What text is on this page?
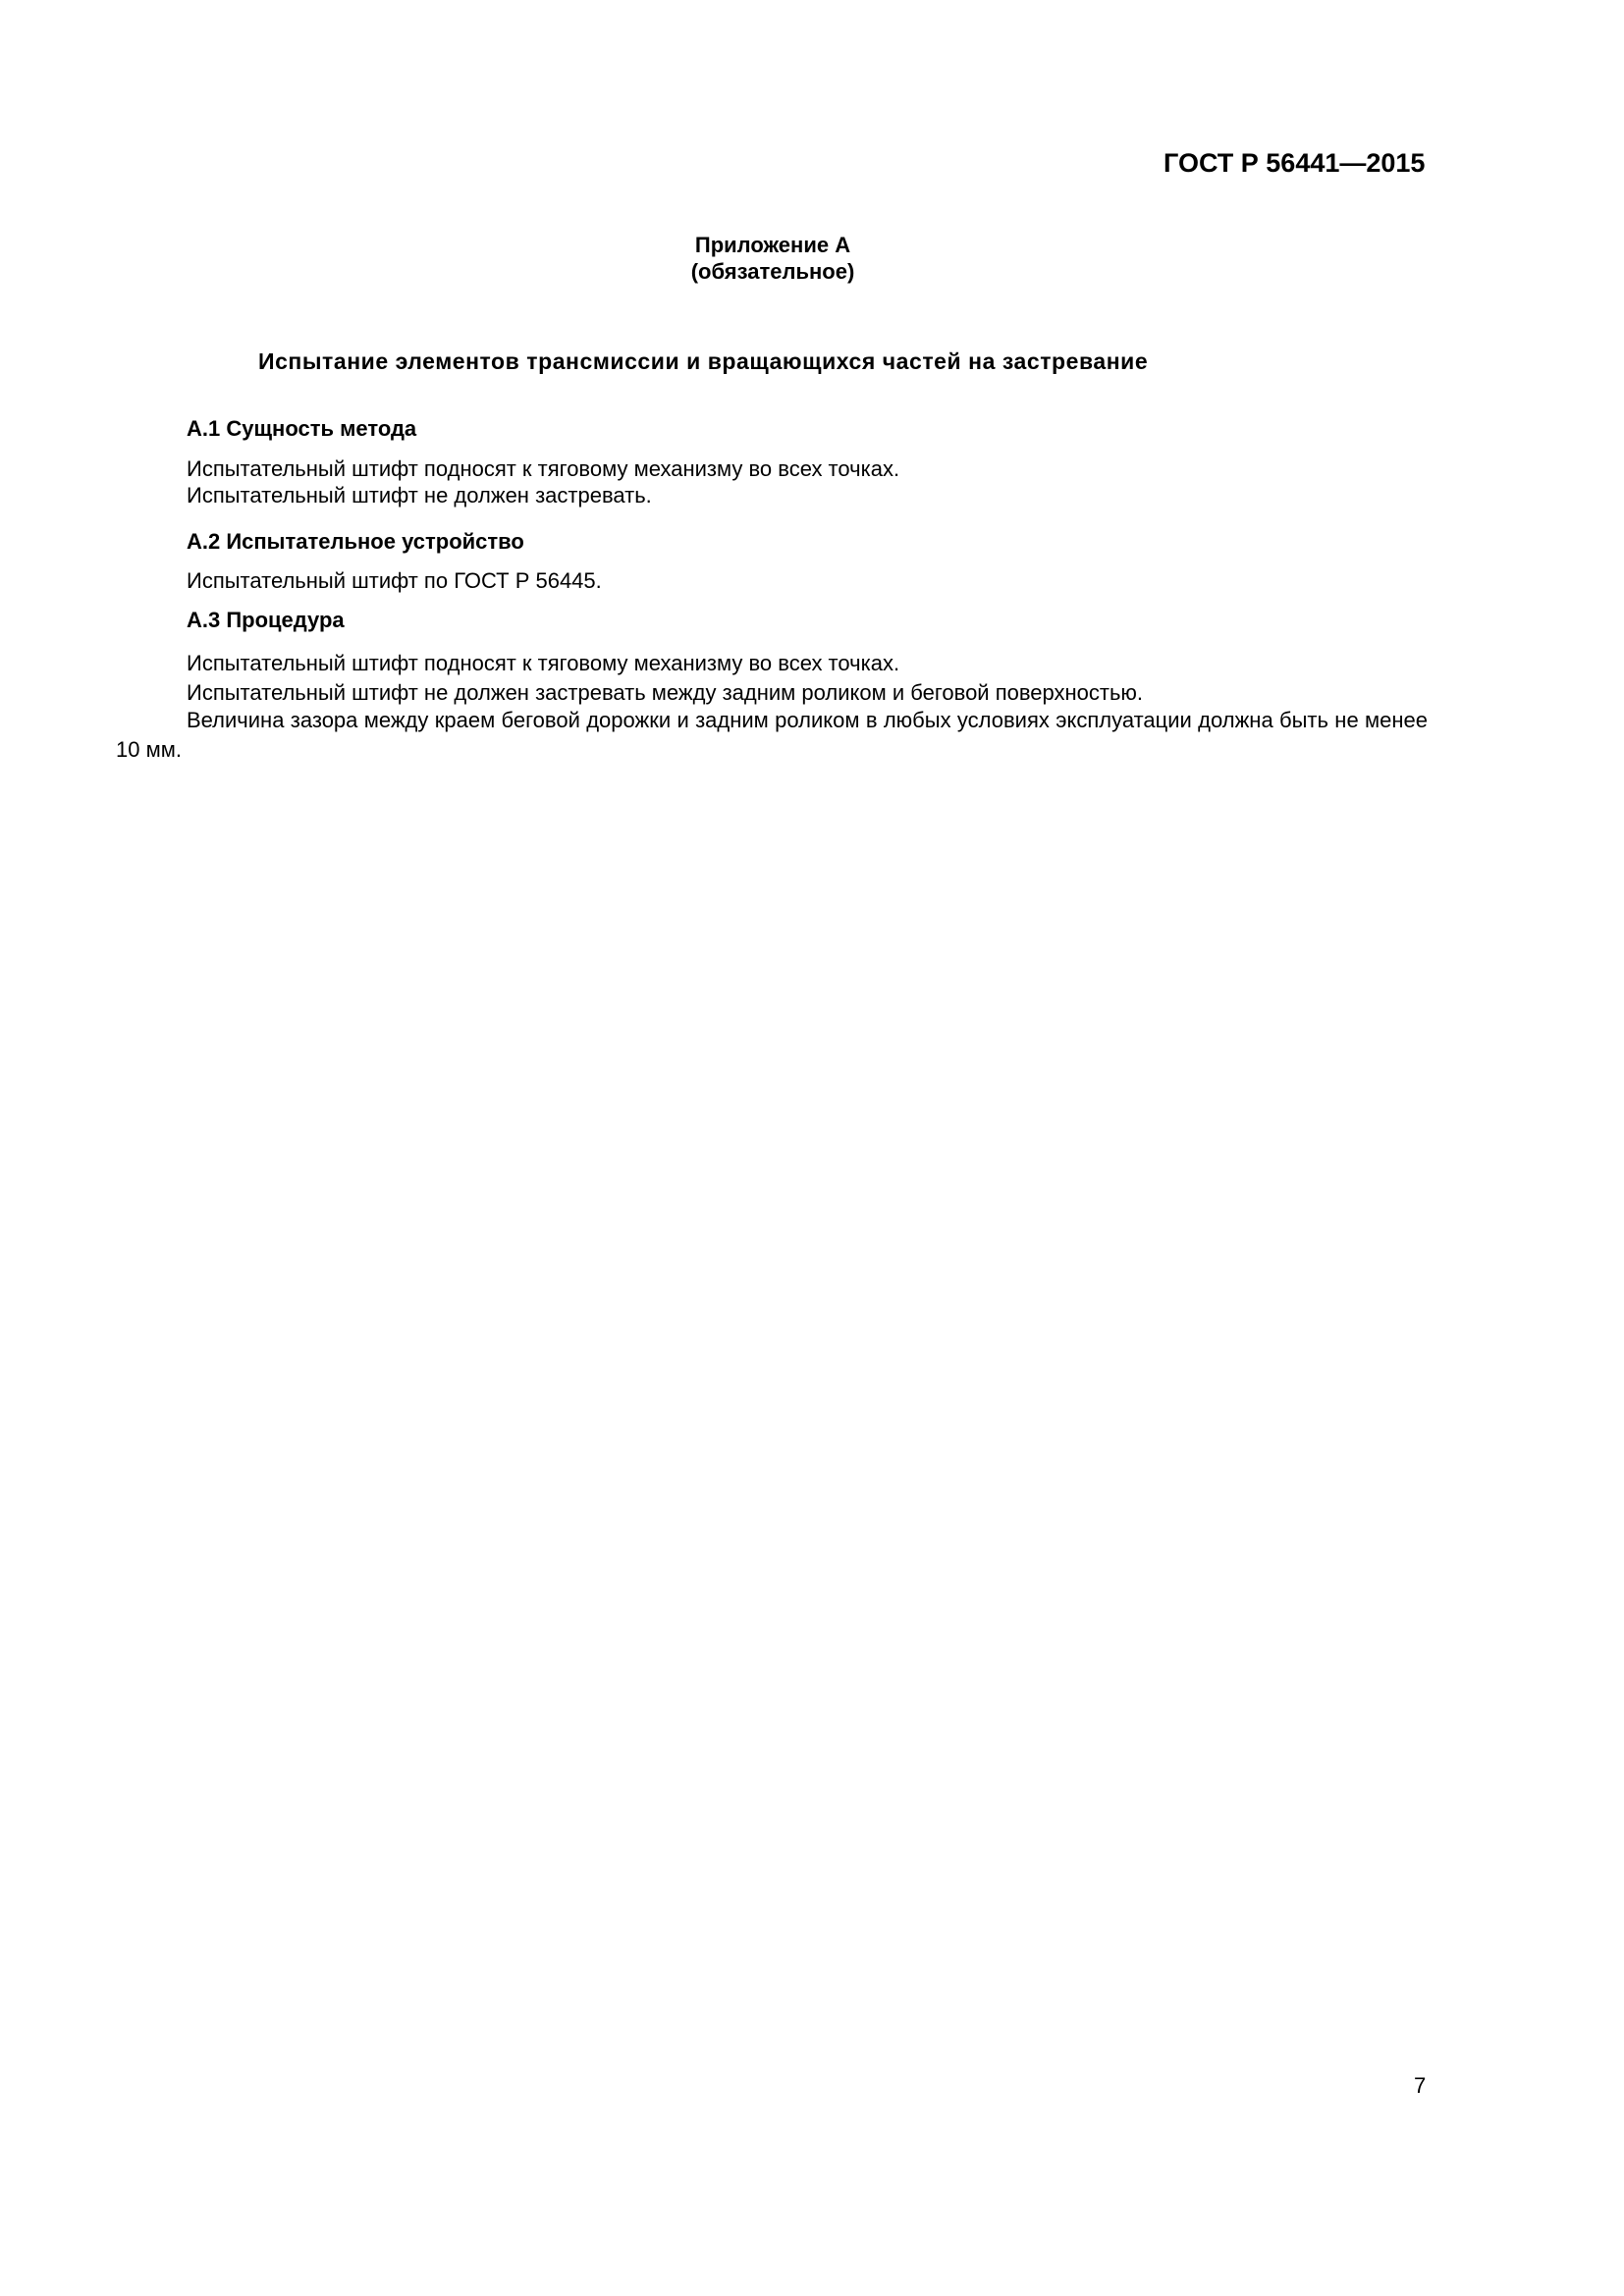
ГОСТ Р 56441—2015
Приложение А
(обязательное)
Испытание элементов трансмиссии и вращающихся частей на застревание
А.1 Сущность метода
Испытательный штифт подносят к тяговому механизму во всех точках.
Испытательный штифт не должен застревать.
А.2 Испытательное устройство
Испытательный штифт по ГОСТ Р 56445.
А.3 Процедура
Испытательный штифт подносят к тяговому механизму во всех точках.
Испытательный штифт не должен застревать между задним роликом и беговой поверхностью.
Величина зазора между краем беговой дорожки и задним роликом в любых условиях эксплуатации должна быть не менее 10 мм.
7
